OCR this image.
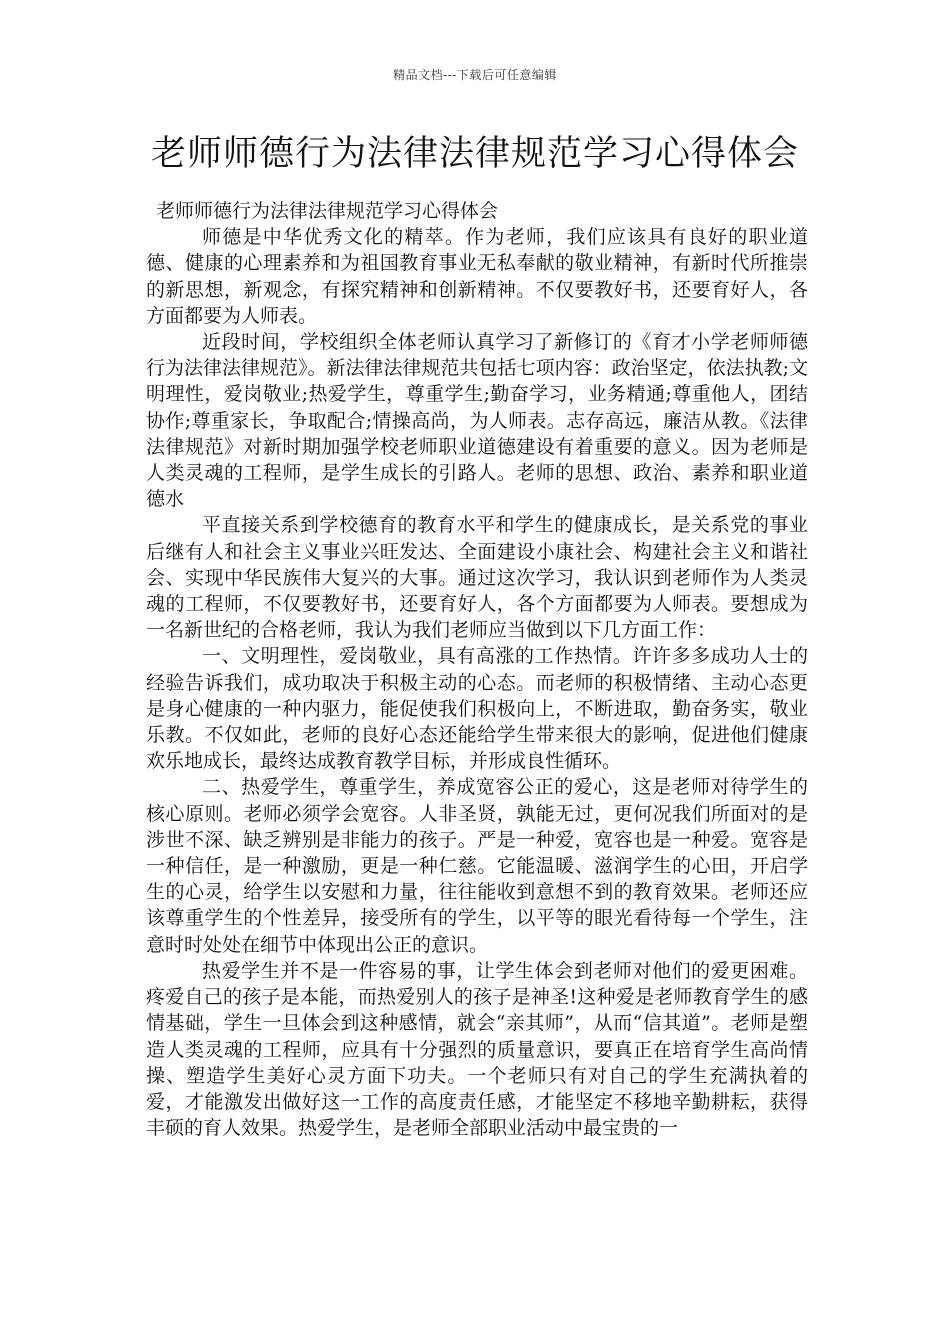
精品文档---下载后可任意编辑
老师师德行为法律法律规范学习心得体会

老师师德行为法律法律规范学习心得体会

师德是中华优秀文化的精萃。作为老师，我们应该具有良好的职业道德、健康的心理素养和为祖国教育事业无私奉献的敬业精神，有新时代所推崇的新思想，新观念，有探究精神和创新精神。不仅要教好书，还要育好人，各方面都要为人师表。

近段时间，学校组织全体老师认真学习了新修订的《育才小学老师师德行为法律法律规范》。新法律法律规范共包括七项内容：政治坚定，依法执教;文明理性，爱岗敬业;热爱学生，尊重学生;勤奋学习，业务精通;尊重他人，团结协作;尊重家长，争取配合;情操高尚，为人师表。志存高远，廉洁从教。《法律法律规范》对新时期加强学校老师职业道德建设有着重要的意义。因为老师是人类灵魂的工程师，是学生成长的引路人。老师的思想、政治、素养和职业道德水

平直接关系到学校德育的教育水平和学生的健康成长，是关系党的事业后继有人和社会主义事业兴旺发达、全面建设小康社会、构建社会主义和谐社会、实现中华民族伟大复兴的大事。通过这次学习，我认识到老师作为人类灵魂的工程师，不仅要教好书，还要育好人，各个方面都要为人师表。要想成为一名新世纪的合格老师，我认为我们老师应当做到以下几方面工作：

一、文明理性，爱岗敬业，具有高涨的工作热情。许许多多成功人士的经验告诉我们，成功取决于积极主动的心态。而老师的积极情绪、主动心态更是身心健康的一种内驱力，能促使我们积极向上，不断进取，勤奋务实，敬业乐教。不仅如此，老师的良好心态还能给学生带来很大的影响，促进他们健康欢乐地成长，最终达成教育教学目标，并形成良性循环。

二、热爱学生，尊重学生，养成宽容公正的爱心，这是老师对待学生的核心原则。老师必须学会宽容。人非圣贤，孰能无过，更何况我们所面对的是涉世不深、缺乏辨别是非能力的孩子。严是一种爱，宽容也是一种爱。宽容是一种信任，是一种激励，更是一种仁慈。它能温暖、滋润学生的心田，开启学生的心灵，给学生以安慰和力量，往往能收到意想不到的教育效果。老师还应该尊重学生的个性差异，接受所有的学生，以平等的眼光看待每一个学生，注意时时处处在细节中体现出公正的意识。

热爱学生并不是一件容易的事，让学生体会到老师对他们的爱更困难。疼爱自己的孩子是本能，而热爱别人的孩子是神圣!这种爱是老师教育学生的感情基础，学生一旦体会到这种感情，就会“亲其师”，从而“信其道”。老师是塑造人类灵魂的工程师，应具有十分强烈的质量意识，要真正在培育学生高尚情操、塑造学生美好心灵方面下功夫。一个老师只有对自己的学生充满执着的爱，才能激发出做好这一工作的高度责任感，才能坚定不移地辛勤耕耘，获得丰硕的育人效果。热爱学生，是老师全部职业活动中最宝贵的一
